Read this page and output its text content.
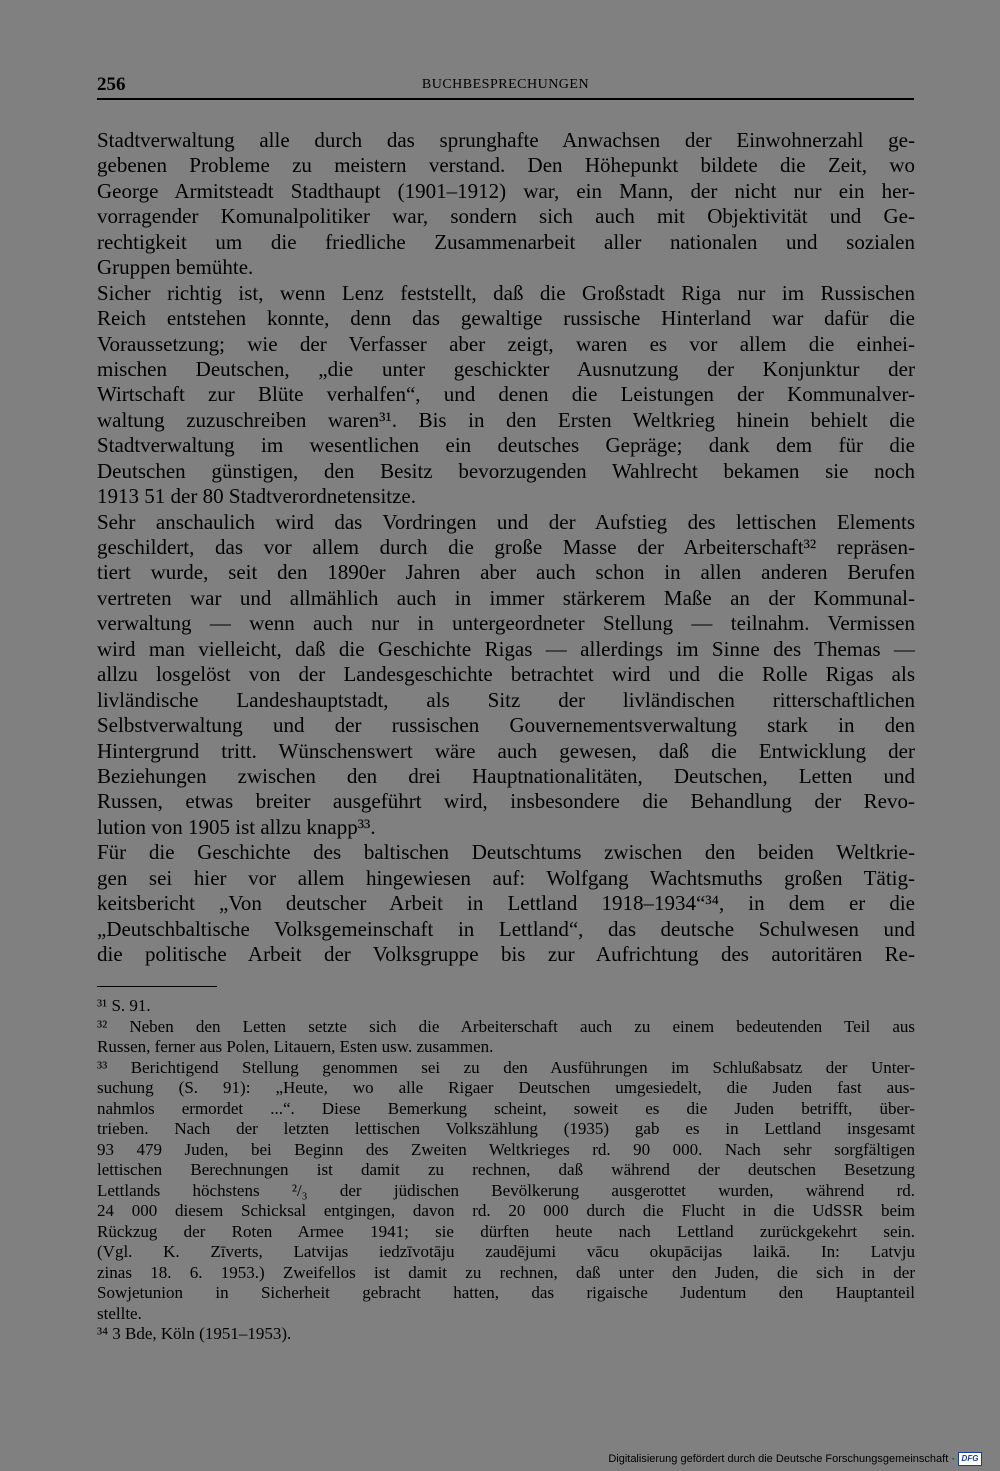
256	BUCHBESPRECHUNGEN
Stadtverwaltung alle durch das sprunghafte Anwachsen der Einwohnerzahl ge-
gebenen Probleme zu meistern verstand. Den Höhepunkt bildete die Zeit, wo
George Armitsteadt Stadthaupt (1901–1912) war, ein Mann, der nicht nur ein her-
vorragender Komunalpolitiker war, sondern sich auch mit Objektivität und Ge-
rechtigkeit um die friedliche Zusammenarbeit aller nationalen und sozialen
Gruppen bemühte.
Sicher richtig ist, wenn Lenz feststellt, daß die Großstadt Riga nur im Russischen
Reich entstehen konnte, denn das gewaltige russische Hinterland war dafür die
Voraussetzung; wie der Verfasser aber zeigt, waren es vor allem die einhei-
mischen Deutschen, „die unter geschickter Ausnutzung der Konjunktur der
Wirtschaft zur Blüte verhalfen“, und denen die Leistungen der Kommunalver-
waltung zuzuschreiben waren³¹. Bis in den Ersten Weltkrieg hinein behielt die
Stadtverwaltung im wesentlichen ein deutsches Gepräge; dank dem für die
Deutschen günstigen, den Besitz bevorzugenden Wahlrecht bekamen sie noch
1913 51 der 80 Stadtverordnetensitze.
Sehr anschaulich wird das Vordringen und der Aufstieg des lettischen Elements
geschildert, das vor allem durch die große Masse der Arbeiterschaft³² repräsen-
tiert wurde, seit den 1890er Jahren aber auch schon in allen anderen Berufen
vertreten war und allmählich auch in immer stärkerem Maße an der Kommunal-
verwaltung — wenn auch nur in untergeordneter Stellung — teilnahm. Vermissen
wird man vielleicht, daß die Geschichte Rigas — allerdings im Sinne des Themas —
allzu losgelöst von der Landesgeschichte betrachtet wird und die Rolle Rigas als
livländische Landeshauptstadt, als Sitz der livländischen ritterschaftlichen
Selbstverwaltung und der russischen Gouvernementsverwaltung stark in den
Hintergrund tritt. Wünschenswert wäre auch gewesen, daß die Entwicklung der
Beziehungen zwischen den drei Hauptnationalitäten, Deutschen, Letten und
Russen, etwas breiter ausgeführt wird, insbesondere die Behandlung der Revo-
lution von 1905 ist allzu knapp³³.
Für die Geschichte des baltischen Deutschtums zwischen den beiden Weltkrie-
gen sei hier vor allem hingewiesen auf: Wolfgang Wachtsmuths großen Tätig-
keitsbericht „Von deutscher Arbeit in Lettland 1918–1934“³⁴, in dem er die
„Deutschbaltische Volksgemeinschaft in Lettland“, das deutsche Schulwesen und
die politische Arbeit der Volksgruppe bis zur Aufrichtung des autoritären Re-
³¹ S. 91.
³² Neben den Letten setzte sich die Arbeiterschaft auch zu einem bedeutenden Teil aus
Russen, ferner aus Polen, Litauern, Esten usw. zusammen.
³³ Berichtigend Stellung genommen sei zu den Ausführungen im Schlußabsatz der Unter-
suchung (S. 91): „Heute, wo alle Rigaer Deutschen umgesiedelt, die Juden fast aus-
nahmlos ermordet ...“. Diese Bemerkung scheint, soweit es die Juden betrifft, über-
trieben. Nach der letzten lettischen Volkszählung (1935) gab es in Lettland insgesamt
93 479 Juden, bei Beginn des Zweiten Weltkrieges rd. 90 000. Nach sehr sorgfältigen
lettischen Berechnungen ist damit zu rechnen, daß während der deutschen Besetzung
Lettlands höchstens ²/₃ der jüdischen Bevölkerung ausgerottet wurden, während rd.
24 000 diesem Schicksal entgingen, davon rd. 20 000 durch die Flucht in die UdSSR beim
Rückzug der Roten Armee 1941; sie dürften heute nach Lettland zurückgekehrt sein.
(Vgl. K. Zīverts, Latvijas iedzīvotāju zaudējumi vācu okupācijas laikā. In: Latvju
zinas 18. 6. 1953.) Zweifellos ist damit zu rechnen, daß unter den Juden, die sich in der
Sowjetunion in Sicherheit gebracht hatten, das rigaische Judentum den Hauptanteil
stellte.
³⁴ 3 Bde, Köln (1951–1953).
Digitalisierung gefördert durch die Deutsche Forschungsgemeinschaft · DFG
